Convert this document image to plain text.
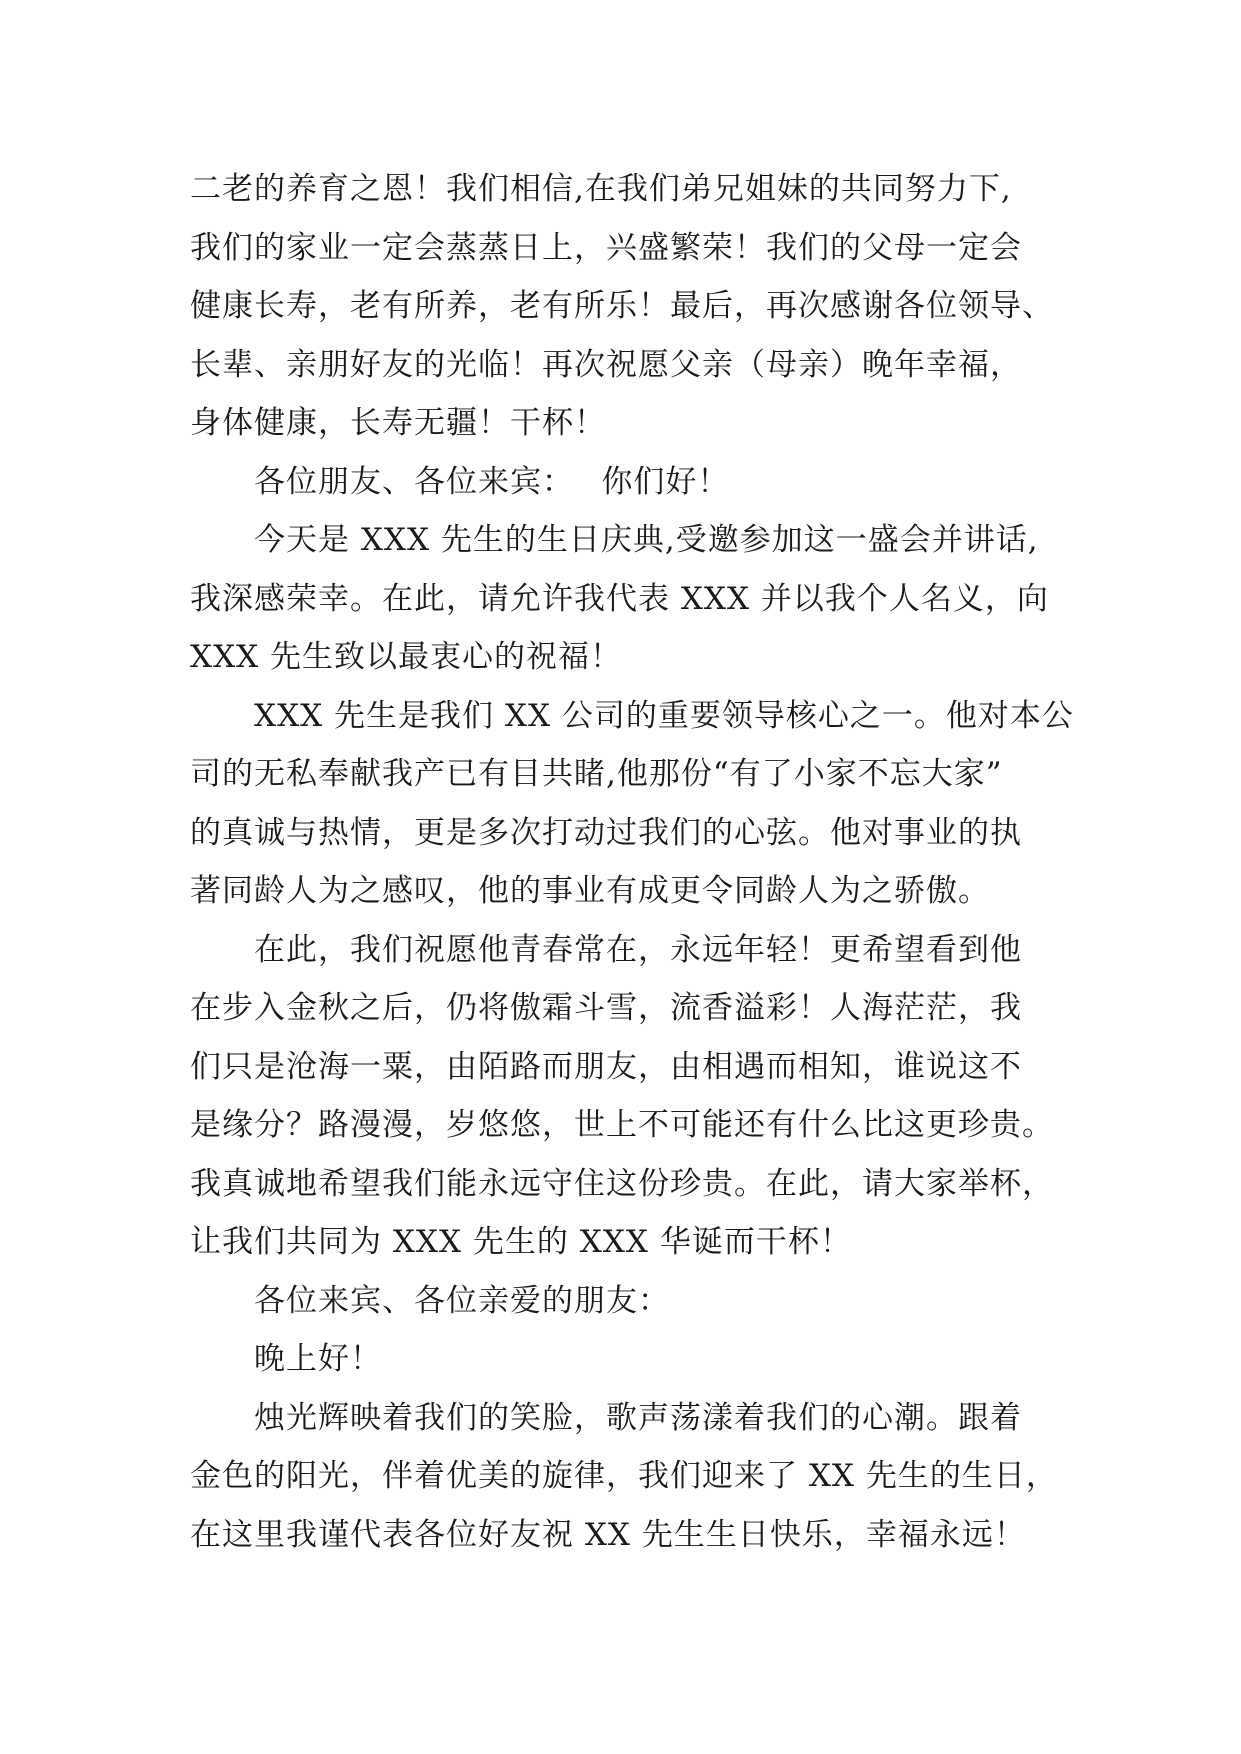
二老的养育之恩！我们相信,在我们弟兄姐妹的共同努力下,
我们的家业一定会蒸蒸日上，兴盛繁荣！我们的父母一定会
健康长寿，老有所养，老有所乐！最后，再次感谢各位领导、
长辈、亲朋好友的光临！再次祝愿父亲（母亲）晚年幸福，
身体健康，长寿无疆！干杯！
各位朋友、各位来宾：　 你们好！
今天是 XXX 先生的生日庆典,受邀参加这一盛会并讲话,
我深感荣幸。在此，请允许我代表 XXX 并以我个人名义，向
XXX 先生致以最衷心的祝福！
XXX 先生是我们 XX 公司的重要领导核心之一。他对本公
司的无私奉献我产已有目共睹,他那份“有了小家不忘大家”
的真诚与热情，更是多次打动过我们的心弦。他对事业的执
著同龄人为之感叹，他的事业有成更令同龄人为之骄傲。
在此，我们祝愿他青春常在，永远年轻！更希望看到他
在步入金秋之后，仍将傲霜斗雪，流香溢彩！人海茫茫，我
们只是沧海一粟，由陌路而朋友，由相遇而相知，谁说这不
是缘分？路漫漫，岁悠悠，世上不可能还有什么比这更珍贵。
我真诚地希望我们能永远守住这份珍贵。在此，请大家举杯，
让我们共同为 XXX 先生的 XXX 华诞而干杯！
各位来宾、各位亲爱的朋友：
晚上好！
烛光辉映着我们的笑脸，歌声荡漾着我们的心潮。跟着
金色的阳光，伴着优美的旋律，我们迎来了 XX 先生的生日，
在这里我谨代表各位好友祝 XX 先生生日快乐，幸福永远！
